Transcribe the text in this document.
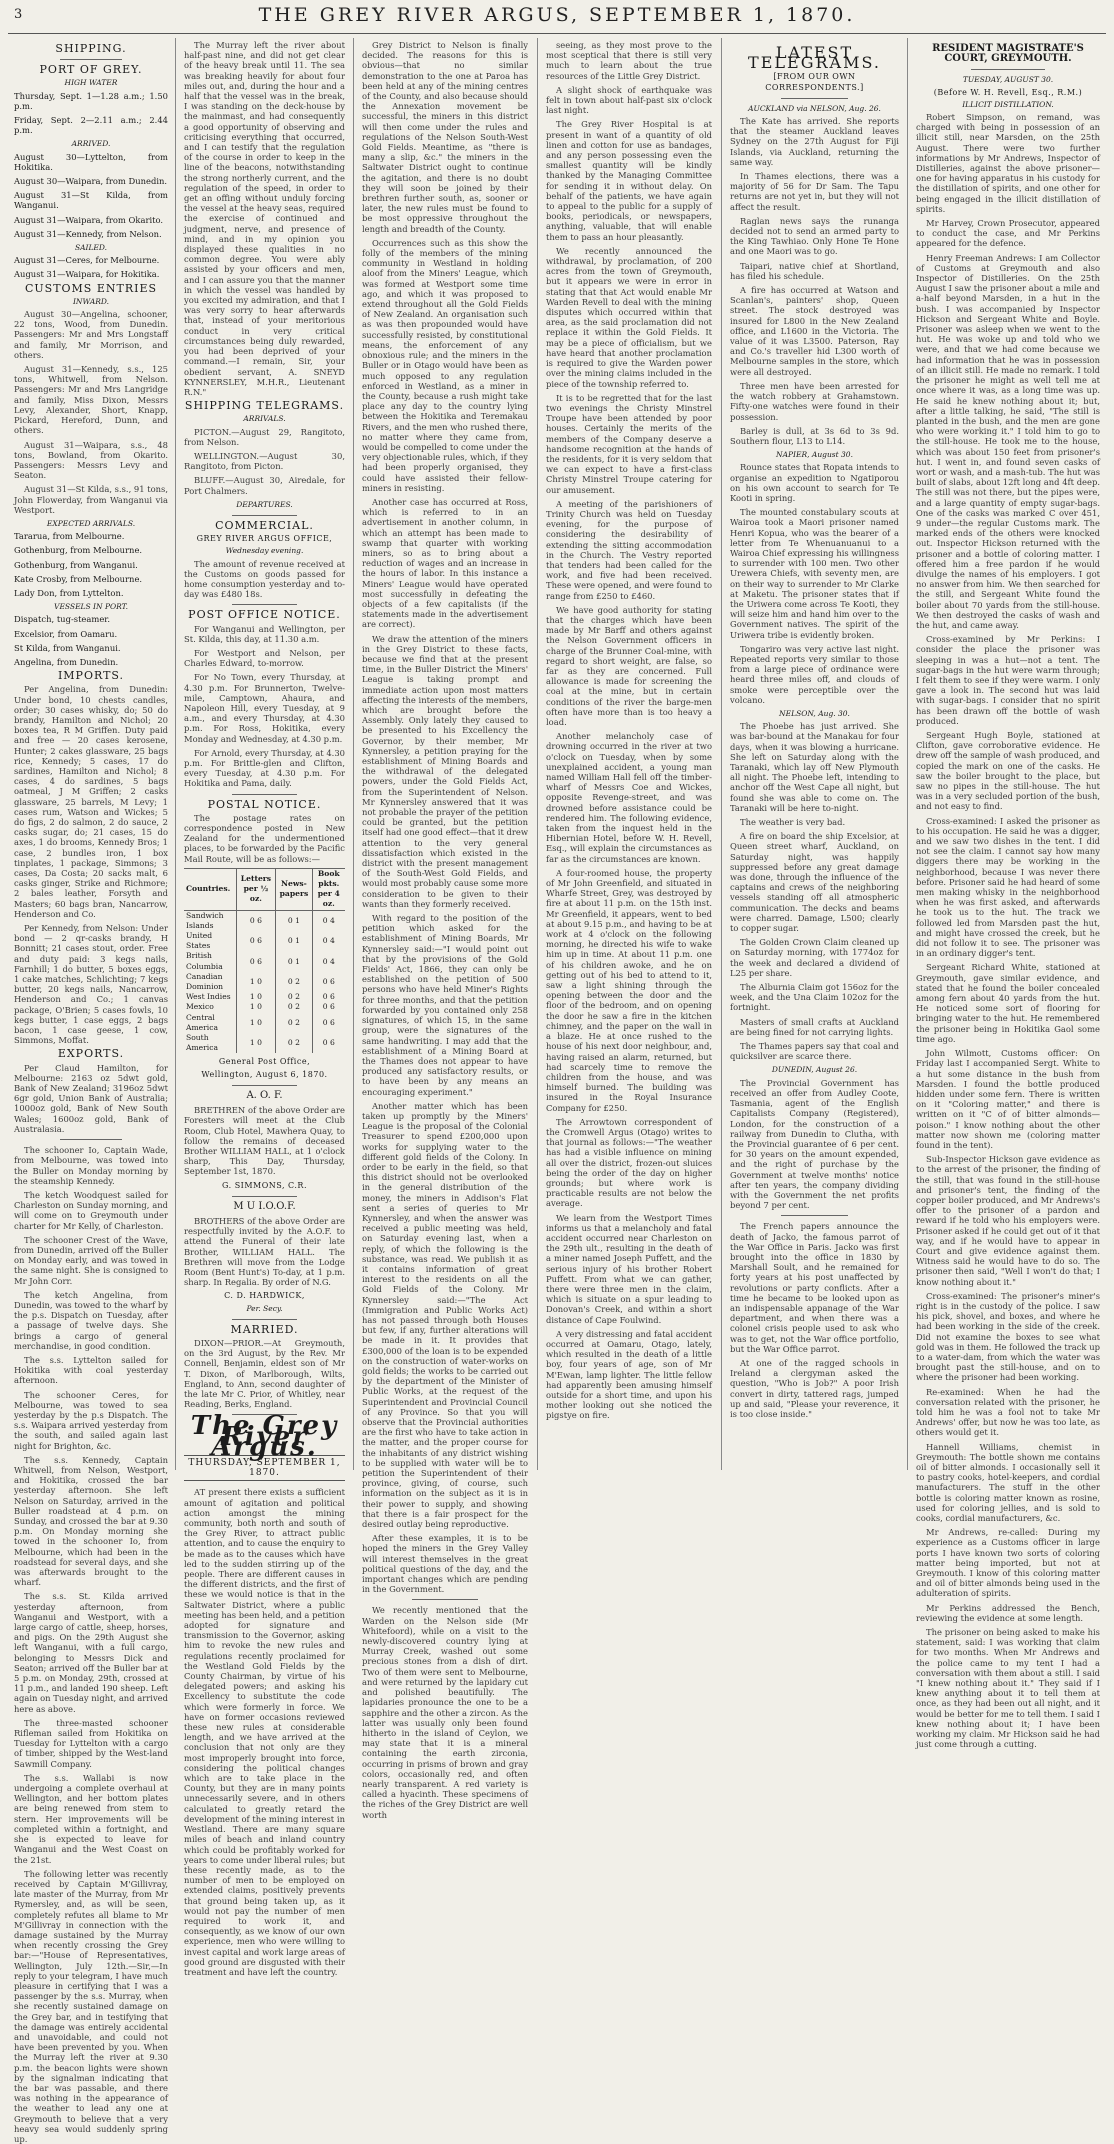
3	THE GREY RIVER ARGUS, SEPTEMBER 1, 1870.
SHIPPING.
PORT OF GREY.
HIGH WATER

Thursday, Sept. 1—1.28 a.m.; 1.50 p.m.

Friday, Sept. 2—2.11 a.m.; 2.44 p.m.

ARRIVED.

August 30—Lyttelton, from Hokitika.

August 30—Waipara, from Dunedin.

August 31—St Kilda, from Wanganui.

August 31—Waipara, from Okarito.

August 31—Kennedy, from Nelson.

SAILED.

August 31—Ceres, for Melbourne.

August 31—Waipara, for Hokitika.

CUSTOMS ENTRIES
INWARD.

August 30—Angelina, schooner, 22 tons, Wood, from Dunedin. Passengers: Mr and Mrs Longstaff and family, Mr Morrison, and others.

August 31—Kennedy, s.s., 125 tons, Whitwell, from Nelson. Passengers: Mr and Mrs Langridge and family, Miss Dixon, Messrs Levy, Alexander, Short, Knapp, Pickard, Hereford, Dunn, and others.

August 31—Waipara, s.s., 48 tons, Bowland, from Okarito. Passengers: Messrs Levy and Seaton.

August 31—St Kilda, s.s., 91 tons, John Flowerday, from Wanganui via Westport.

EXPECTED ARRIVALS.

Tararua, from Melbourne.

Gothenburg, from Melbourne.

Gothenburg, from Wanganui.

Kate Crosby, from Melbourne.

Lady Don, from Lyttelton.

VESSELS IN PORT.

Dispatch, tug-steamer.

Excelsior, from Oamaru.

St Kilda, from Wanganui.

Angelina, from Dunedin.

IMPORTS.

Per Angelina, from Dunedin: Under bond, 10 chests candles, order; 30 cases whisky, do; 50 do brandy, Hamilton and Nichol; 20 boxes tea, R M Griffen. Duty paid and free — 20 cases kerosene, Hunter; 2 cakes glassware, 25 bags rice, Kennedy; 5 cases, 17 do sardines, Hamilton and Nichol; 8 cases, 4 do sardines, 5 bags oatmeal, J M Griffen; 2 casks glassware, 25 barrels, M Levy; 1 cases rum, Watson and Wickes; 5 do figs, 2 do salmon, 2 do sauce, 2 casks sugar, do; 21 cases, 15 do axes, 1 do brooms, Kennedy Bros; 1 case, 2 bundles iron, 1 box tinplates, 1 package, Simmons; 3 cases, Da Costa; 20 sacks malt, 6 casks ginger, Strike and Richmore; 2 bales leather, Forsyth and Masters; 60 bags bran, Nancarrow, Henderson and Co.

Per Kennedy, from Nelson: Under bond — 2 qr-casks brandy, H Bonnitt; 21 cases stout, order. Free and duty paid: 3 kegs nails, Farnhill; 1 do butter, 5 boxes eggs, 1 cake matches, Schlichting; 7 kegs butter, 20 kegs nails, Nancarrow, Henderson and Co.; 1 canvas package, O'Brien; 5 cases fowls, 10 kegs butter, 1 case eggs, 2 bags bacon, 1 case geese, 1 cow, Simmons, Moffat.

EXPORTS.

Per Claud Hamilton, for Melbourne: 2163 oz 5dwt gold, Bank of New Zealand; 3196oz 5dwt 6gr gold, Union Bank of Australia; 1000oz gold, Bank of New South Wales; 1600oz gold, Bank of Australasia.

The schooner Io, Captain Wade, from Melbourne, was towed into the Buller on Monday morning by the steamship Kennedy.

The ketch Woodquest sailed for Charleston on Sunday morning, and will come on to Greymouth under charter for Mr Kelly, of Charleston.

The schooner Crest of the Wave, from Dunedin, arrived off the Buller on Monday early, and was towed in the same night. She is consigned to Mr John Corr.

The ketch Angelina, from Dunedin, was towed to the wharf by the p.s. Dispatch on Tuesday, after a passage of twelve days. She brings a cargo of general merchandise, in good condition.

The s.s. Lyttelton sailed for Hokitika with coal yesterday afternoon.

The schooner Ceres, for Melbourne, was towed to sea yesterday by the p.s Dispatch. The s.s. Waipara arrived yesterday from the south, and sailed again last night for Brighton, &c.

The s.s. Kennedy, Captain Whitwell, from Nelson, Westport, and Hokitika, crossed the bar yesterday afternoon. She left Nelson on Saturday, arrived in the Buller roadstead at 4 p.m. on Sunday, and crossed the bar at 9.30 p.m. On Monday morning she towed in the schooner Io, from Melbourne, which had been in the roadstead for several days, and she was afterwards brought to the wharf.

The s.s. St. Kilda arrived yesterday afternoon, from Wanganui and Westport, with a large cargo of cattle, sheep, horses, and pigs. On the 29th August she left Wanganui, with a full cargo, belonging to Messrs Dick and Seaton; arrived off the Buller bar at 5 p.m. on Monday, 29th, crossed at 11 p.m., and landed 190 sheep. Left again on Tuesday night, and arrived here as above.

The three-masted schooner Rifleman sailed from Hokitika on Tuesday for Lyttelton with a cargo of timber, shipped by the West-land Sawmill Company.

The s.s. Wallabi is now undergoing a complete overhaul at Wellington, and her bottom plates are being renewed from stem to stern. Her improvements will be completed within a fortnight, and she is expected to leave for Wanganui and the West Coast on the 21st.

The following letter was recently received by Captain M'Gillivray, late master of the Murray, from Mr Rymersley, and, as will be seen, completely refutes all blame to Mr M'Gillivray in connection with the damage sustained by the Murray when recently crossing the Grey bar:—"House of Representatives, Wellington, July 12th.—Sir,—In reply to your telegram, I have much pleasure in certifying that I was a passenger by the s.s. Murray, when she recently sustained damage on the Grey bar, and in testifying that the damage was entirely accidental and unavoidable, and could not have been prevented by you. When the Murray left the river at 9.30 p.m. the beacon lights were shown by the signalman indicating that the bar was passable, and there was nothing in the appearance of the weather to lead any one at Greymouth to believe that a very heavy sea would suddenly spring up.

The Murray left the river about half-past nine, and did not get clear of the heavy break until 11. The sea was breaking heavily for about four miles out, and, during the hour and a half that the vessel was in the break, I was standing on the deck-house by the mainmast, and had consequently a good opportunity of observing and criticising everything that occurred, and I can testify that the regulation of the course in order to keep in the line of the beacons, notwithstanding the strong northerly current, and the regulation of the speed, in order to get an offing without unduly forcing the vessel at the heavy seas, required the exercise of continued and judgment, nerve, and presence of mind, and in my opinion you displayed these qualities in no common degree. You were ably assisted by your officers and men, and I can assure you that the manner in which the vessel was handled by you excited my admiration, and that I was very sorry to hear afterwards that, instead of your meritorious conduct in very critical circumstances being duly rewarded, you had been deprived of your command.—I remain, Sir, your obedient servant, A. SNEYD KYNNERSLEY, M.H.R., Lieutenant R.N."

SHIPPING TELEGRAMS.
ARRIVALS.

PICTON.—August 29, Rangitoto, from Nelson.

WELLINGTON.—August 30, Rangitoto, from Picton.

BLUFF.—August 30, Airedale, for Port Chalmers.

DEPARTURES.
COMMERCIAL.
GREY RIVER ARGUS OFFICE,
Wednesday evening.

The amount of revenue received at the Customs on goods passed for home consumption yesterday and to-day was £480 18s.

POST OFFICE NOTICE.

For Wanganui and Wellington, per St. Kilda, this day, at 11.30 a.m.

For Westport and Nelson, per Charles Edward, to-morrow.

For No Town, every Thursday, at 4.30 p.m. For Brunnerton, Twelve-mile, Camptown, Ahaura, and Napoleon Hill, every Tuesday, at 9 a.m., and every Thursday, at 4.30 p.m. For Ross, Hokitika, every Monday and Wednesday, at 4.30 p.m.

For Arnold, every Thursday, at 4.30 p.m. For Brittle-glen and Clifton, every Tuesday, at 4.30 p.m. For Hokitika and Pama, daily.

POSTAL NOTICE.

The postage rates on correspondence posted in New Zealand for the undermentioned places, to be forwarded by the Pacific Mail Route, will be as follows:—

Countries.	Letters per ½ oz.	News-papers	Book pkts. per 4 oz.
Sandwich Islands	0 6	0 1	0 4
United States	0 6	0 1	0 4
British Columbia	0 6	0 1	0 4
Canadian Dominion	1 0	0 2	0 6
West Indies	1 0	0 2	0 6
Mexico	1 0	0 2	0 6
Central America	1 0	0 2	0 6
South America	1 0	0 2	0 6
General Post Office,
Wellington, August 6, 1870.
A. O. F.

BRETHREN of the above Order are Foresters will meet at the Club Room, Club Hotel, Mawhera Quay, to follow the remains of deceased Brother WILLIAM HALL, at 1 o'clock sharp, This Day, Thursday, September 1st, 1870.

G. SIMMONS, C.R.
M U I.O.O.F.

BROTHERS of the above Order are respectfully invited by the A.O.F. to attend the Funeral of their late Brother, WILLIAM HALL. The Brethren will move from the Lodge Room (Bent Hunt's) To-day, at 1 p.m. sharp. In Regalia. By order of N.G.

C. D. HARDWICK,
Per. Secy.
MARRIED.

DIXON—PRIOR.—At Greymouth, on the 3rd August, by the Rev. Mr Connell, Benjamin, eldest son of Mr T. Dixon, of Marlborough, Wilts, England, to Ann, second daughter of the late Mr C. Prior, of Whitley, near Reading, Berks, England.

The Grey River Argus.
THURSDAY, SEPTEMBER 1, 1870.

AT present there exists a sufficient amount of agitation and political action amongst the mining community, both north and south of the Grey River, to attract public attention, and to cause the enquiry to be made as to the causes which have led to the sudden stirring up of the people. There are different causes in the different districts, and the first of these we would notice is that in the Saltwater District, where a public meeting has been held, and a petition adopted for signature and transmission to the Governor, asking him to revoke the new rules and regulations recently proclaimed for the Westland Gold Fields by the County Chairman, by virtue of his delegated powers; and asking his Excellency to substitute the code which were formerly in force. We have on former occasions reviewed these new rules at considerable length, and we have arrived at the conclusion that not only are they most improperly brought into force, considering the political changes which are to take place in the County, but they are in many points unnecessarily severe, and in others calculated to greatly retard the development of the mining interest in Westland. There are many square miles of beach and inland country which could be profitably worked for years to come under liberal rules; but these recently made, as to the number of men to be employed on extended claims, positively prevents that ground being taken up, as it would not pay the number of men required to work it, and consequently, as we know of our own experience, men who were willing to invest capital and work large areas of good ground are disgusted with their treatment and have left the country.

Grey District to Nelson is finally decided. The reasons for this is obvious—that no similar demonstration to the one at Paroa has been held at any of the mining centres of the County, and also because should the Annexation movement be successful, the miners in this district will then come under the rules and regulations of the Nelson South-West Gold Fields. Meantime, as "there is many a slip, &c." the miners in the Saltwater District ought to continue the agitation, and there is no doubt they will soon be joined by their brethren further south, as, sooner or later, the new rules must be found to be most oppressive throughout the length and breadth of the County.

Occurrences such as this show the folly of the members of the mining community in Westland in holding aloof from the Miners' League, which was formed at Westport some time ago, and which it was proposed to extend throughout all the Gold Fields of New Zealand. An organisation such as was then propounded would have successfully resisted, by constitutional means, the enforcement of any obnoxious rule; and the miners in the Buller or in Otago would have been as much opposed to any regulation enforced in Westland, as a miner in the County, because a rush might take place any day to the country lying between the Hokitika and Teremakau Rivers, and the men who rushed there, no matter where they came from, would be compelled to come under the very objectionable rules, which, if they had been properly organised, they could have assisted their fellow-miners in resisting.

Another case has occurred at Ross, which is referred to in an advertisement in another column, in which an attempt has been made to swamp that quarter with working miners, so as to bring about a reduction of wages and an increase in the hours of labor. In this instance a Miners' League would have operated most successfully in defeating the objects of a few capitalists (if the statements made in the advertisement are correct).

We draw the attention of the miners in the Grey District to these facts, because we find that at the present time, in the Buller District the Miners' League is taking prompt and immediate action upon most matters affecting the interests of the members, which are brought before the Assembly. Only lately they caused to be presented to his Excellency the Governor, by their member, Mr Kynnersley, a petition praying for the establishment of Mining Boards and the withdrawal of the delegated powers, under the Gold Fields Act, from the Superintendent of Nelson. Mr Kynnersley answered that it was not probable the prayer of the petition could be granted, but the petition itself had one good effect—that it drew attention to the very general dissatisfaction which existed in the district with the present management of the South-West Gold Fields, and would most probably cause some more consideration to be given to their wants than they formerly received.

With regard to the position of the petition which asked for the establishment of Mining Boards, Mr Kynnersley said:—"I would point out that by the provisions of the Gold Fields' Act, 1866, they can only be established on the petition of 500 persons who have held Miner's Rights for three months, and that the petition forwarded by you contained only 258 signatures, of which 15, in the same group, were the signatures of the same handwriting. I may add that the establishment of a Mining Board at the Thames does not appear to have produced any satisfactory results, or to have been by any means an encouraging experiment."

Another matter which has been taken up promptly by the Miners' League is the proposal of the Colonial Treasurer to spend £200,000 upon works for supplying water to the different gold fields of the Colony. In order to be early in the field, so that this district should not be overlooked in the general distribution of the money, the miners in Addison's Flat sent a series of queries to Mr Kynnersley, and when the answer was received a public meeting was held, on Saturday evening last, when a reply, of which the following is the substance, was read. We publish it as it contains information of great interest to the residents on all the Gold Fields of the Colony. Mr Kynnersley said:—"The Act (Immigration and Public Works Act) has not passed through both Houses but few, if any, further alterations will be made in it. It provides that £300,000 of the loan is to be expended on the construction of water-works on gold fields; the works to be carried out by the department of the Minister of Public Works, at the request of the Superintendent and Provincial Council of any Province. So that you will observe that the Provincial authorities are the first who have to take action in the matter, and the proper course for the inhabitants of any district wishing to be supplied with water will be to petition the Superintendent of their province, giving, of course, such information on the subject as it is in their power to supply, and showing that there is a fair prospect for the desired outlay being reproductive.

After these examples, it is to be hoped the miners in the Grey Valley will interest themselves in the great political questions of the day, and the important changes which are pending in the Government.

We recently mentioned that the Warden on the Nelson side (Mr Whitefoord), while on a visit to the newly-discovered country lying at Murray Creek, washed out some precious stones from a dish of dirt. Two of them were sent to Melbourne, and were returned by the lapidary cut and polished beautifully. The lapidaries pronounce the one to be a sapphire and the other a zircon. As the latter was usually only been found hitherto in the island of Ceylon, we may state that it is a mineral containing the earth zirconia, occurring in prisms of brown and gray colors, occasionally red, and often nearly transparent. A red variety is called a hyacinth. These specimens of the riches of the Grey District are well worth

seeing, as they most prove to the most sceptical that there is still very much to learn about the true resources of the Little Grey District.

A slight shock of earthquake was felt in town about half-past six o'clock last night.

The Grey River Hospital is at present in want of a quantity of old linen and cotton for use as bandages, and any person possessing even the smallest quantity will be kindly thanked by the Managing Committee for sending it in without delay. On behalf of the patients, we have again to appeal to the public for a supply of books, periodicals, or newspapers, anything, valuable, that will enable them to pass an hour pleasantly.

We recently announced the withdrawal, by proclamation, of 200 acres from the town of Greymouth, but it appears we were in error in stating that that Act would enable Mr Warden Revell to deal with the mining disputes which occurred within that area, as the said proclamation did not replace it within the Gold Fields. It may be a piece of officialism, but we have heard that another proclamation is required to give the Warden power over the mining claims included in the piece of the township referred to.

It is to be regretted that for the last two evenings the Christy Minstrel Troupe have been attended by poor houses. Certainly the merits of the members of the Company deserve a handsome recognition at the hands of the residents, for it is very seldom that we can expect to have a first-class Christy Minstrel Troupe catering for our amusement.

A meeting of the parishioners of Trinity Church was held on Tuesday evening, for the purpose of considering the desirability of extending the sitting accommodation in the Church. The Vestry reported that tenders had been called for the work, and five had been received. These were opened, and were found to range from £250 to £460.

We have good authority for stating that the charges which have been made by Mr Barff and others against the Nelson Government officers in charge of the Brunner Coal-mine, with regard to short weight, are false, so far as they are concerned. Full allowance is made for screening the coal at the mine, but in certain conditions of the river the barge-men often have more than is too heavy a load.

Another melancholy case of drowning occurred in the river at two o'clock on Tuesday, when by some unexplained accident, a young man named William Hall fell off the timber-wharf of Messrs Coe and Wickes, opposite Revenge-street, and was drowned before assistance could be rendered him. The following evidence, taken from the inquest held in the Hibernian Hotel, before W. H. Revell, Esq., will explain the circumstances as far as the circumstances are known.

A four-roomed house, the property of Mr John Greenfield, and situated in Wharfe Street, Grey, was destroyed by fire at about 11 p.m. on the 15th inst. Mr Greenfield, it appears, went to bed at about 9.15 p.m., and having to be at work at 4 o'clock on the following morning, he directed his wife to wake him up in time. At about 11 p.m. one of his children awoke, and he on getting out of his bed to attend to it, saw a light shining through the opening between the door and the floor of the bedroom, and on opening the door he saw a fire in the kitchen chimney, and the paper on the wall in a blaze. He at once rushed to the house of his next door neighbour, and, having raised an alarm, returned, but had scarcely time to remove the children from the house, and was himself burned. The building was insured in the Royal Insurance Company for £250.

The Arrowtown correspondent of the Cromwell Argus (Otago) writes to that journal as follows:—"The weather has had a visible influence on mining all over the district, frozen-out sluices being the order of the day on higher grounds; but where work is practicable results are not below the average.

We learn from the Westport Times informs us that a melancholy and fatal accident occurred near Charleston on the 29th ult., resulting in the death of a miner named Joseph Puffett, and the serious injury of his brother Robert Puffett. From what we can gather, there were three men in the claim, which is situate on a spur leading to Donovan's Creek, and within a short distance of Cape Foulwind.

A very distressing and fatal accident occurred at Oamaru, Otago, lately, which resulted in the death of a little boy, four years of age, son of Mr M'Ewan, lamp lighter. The little fellow had apparently been amusing himself outside for a short time, and upon his mother looking out she noticed the pigstye on fire.

LATEST TELEGRAMS.
[FROM OUR OWN CORRESPONDENTS.]
AUCKLAND via NELSON, Aug. 26.

The Kate has arrived. She reports that the steamer Auckland leaves Sydney on the 27th August for Fiji Islands, via Auckland, returning the same way.

In Thames elections, there was a majority of 56 for Dr Sam. The Tapu returns are not yet in, but they will not affect the result.

Raglan news says the runanga decided not to send an armed party to the King Tawhiao. Only Hone Te Hone and one Maori was to go.

Taipari, native chief at Shortland, has filed his schedule.

A fire has occurred at Watson and Scanlan's, painters' shop, Queen street. The stock destroyed was insured for L800 in the New Zealand office, and L1600 in the Victoria. The value of it was L3500. Paterson, Ray and Co.'s traveller hid L300 worth of Melbourne samples in the store, which were all destroyed.

Three men have been arrested for the watch robbery at Grahamstown. Fifty-one watches were found in their possession.

Barley is dull, at 3s 6d to 3s 9d. Southern flour, L13 to L14.

NAPIER, August 30.

Rounce states that Ropata intends to organise an expedition to Ngatiporou on his own account to search for Te Kooti in spring.

The mounted constabulary scouts at Wairoa took a Maori prisoner named Henri Kopua, who was the bearer of a letter from Te Whenuanuanui to a Wairoa Chief expressing his willingness to surrender with 100 men. Two other Urewera Chiefs, with seventy men, are on their way to surrender to Mr Clarke at Maketu. The prisoner states that if the Uriwera come across Te Kooti, they will seize him and hand him over to the Government natives. The spirit of the Uriwera tribe is evidently broken.

Tongariro was very active last night. Repeated reports very similar to those from a large piece of ordinance were heard three miles off, and clouds of smoke were perceptible over the volcano.

NELSON, Aug. 30.

The Phoebe has just arrived. She was bar-bound at the Manakau for four days, when it was blowing a hurricane. She left on Saturday along with the Taranaki, which lay off New Plymouth all night. The Phoebe left, intending to anchor off the West Cape all night, but found she was able to come on. The Taranaki will be here to-night.

The weather is very bad.

A fire on board the ship Excelsior, at Queen street wharf, Auckland, on Saturday night, was happily suppressed before any great damage was done, through the influence of the captains and crews of the neighboring vessels standing off all atmospheric communication. The decks and beams were charred. Damage, L500; clearly to copper sugar.

The Golden Crown Claim cleaned up on Saturday morning, with 1774oz for the week and declared a dividend of L25 per share.

The Alburnia Claim got 156oz for the week, and the Una Claim 102oz for the fortnight.

Masters of small crafts at Auckland are being fined for not carrying lights.

The Thames papers say that coal and quicksilver are scarce there.

DUNEDIN, August 26.

The Provincial Government has received an offer from Audley Coote, Tasmania, agent of the English Capitalists Company (Registered), London, for the construction of a railway from Dunedin to Clutha, with the Provincial guarantee of 6 per cent. for 30 years on the amount expended, and the right of purchase by the Government at twelve months' notice after ten years, the company dividing with the Government the net profits beyond 7 per cent.

The French papers announce the death of Jacko, the famous parrot of the War Office in Paris. Jacko was first brought into the office in 1830 by Marshall Soult, and he remained for forty years at his post unaffected by revolutions or party conflicts. After a time he became to be looked upon as an indispensable appanage of the War department, and when there was a colonel crisis people used to ask who was to get, not the War office portfolio, but the War Office parrot.

At one of the ragged schools in Ireland a clergyman asked the question, "Who is Job?" A poor Irish convert in dirty, tattered rags, jumped up and said, "Please your reverence, it is too close inside."

RESIDENT MAGISTRATE'S COURT, GREYMOUTH.
TUESDAY, AUGUST 30.
(Before W. H. Revell, Esq., R.M.)
ILLICIT DISTILLATION.

Robert Simpson, on remand, was charged with being in possession of an illicit still, near Marsden, on the 25th August. There were two further informations by Mr Andrews, Inspector of Distilleries, against the above prisoner—one for having apparatus in his custody for the distillation of spirits, and one other for being engaged in the illicit distillation of spirits.

Mr Harvey, Crown Prosecutor, appeared to conduct the case, and Mr Perkins appeared for the defence.

Henry Freeman Andrews: I am Collector of Customs at Greymouth and also Inspector of Distilleries. On the 25th August I saw the prisoner about a mile and a-half beyond Marsden, in a hut in the bush. I was accompanied by Inspector Hickson and Sergeant White and Boyle. Prisoner was asleep when we went to the hut. He was woke up and told who we were, and that we had come because we had information that he was in possession of an illicit still. He made no remark. I told the prisoner he might as well tell me at once where it was, as a long time was up. He said he knew nothing about it; but, after a little talking, he said, "The still is planted in the bush, and the men are gone who were working it." I told him to go to the still-house. He took me to the house, which was about 150 feet from prisoner's hut. I went in, and found seven casks of wort or wash, and a mash-tub. The hut was built of slabs, about 12ft long and 4ft deep. The still was not there, but the pipes were, and a large quantity of empty sugar-bags. One of the casks was marked C over 451, 9 under—the regular Customs mark. The marked ends of the others were knocked out. Inspector Hickson returned with the prisoner and a bottle of coloring matter. I offered him a free pardon if he would divulge the names of his employers. I got no answer from him. We then searched for the still, and Sergeant White found the boiler about 70 yards from the still-house. We then destroyed the casks of wash and the hut, and came away.

Cross-examined by Mr Perkins: I consider the place the prisoner was sleeping in was a hut—not a tent. The sugar-bags in the hut were warm through; I felt them to see if they were warm. I only gave a look in. The second hut was laid with sugar-bags. I consider that no spirit has been drawn off the bottle of wash produced.

Sergeant Hugh Boyle, stationed at Clifton, gave corroborative evidence. He drew off the sample of wash produced, and copied the mark on one of the casks. He saw the boiler brought to the place, but saw no pipes in the still-house. The hut was in a very secluded portion of the bush, and not easy to find.

Cross-examined: I asked the prisoner as to his occupation. He said he was a digger, and we saw two dishes in the tent. I did not see the claim. I cannot say how many diggers there may be working in the neighborhood, because I was never there before. Prisoner said he had heard of some men making whisky in the neighborhood when he was first asked, and afterwards he took us to the hut. The track we followed led from Marsden past the hut, and might have crossed the creek, but he did not follow it to see. The prisoner was in an ordinary digger's tent.

Sergeant Richard White, stationed at Greymouth, gave similar evidence, and stated that he found the boiler concealed among fern about 40 yards from the hut. He noticed some sort of flooring for bringing water to the hut. He remembered the prisoner being in Hokitika Gaol some time ago.

John Wilmott, Customs officer: On Friday last I accompanied Sergt. White to a hut some distance in the bush from Marsden. I found the bottle produced hidden under some fern. There is written on it "Coloring matter," and there is written on it "C of of bitter almonds—poison." I know nothing about the other matter now shown me (coloring matter found in the tent).

Sub-Inspector Hickson gave evidence as to the arrest of the prisoner, the finding of the still, that was found in the still-house and prisoner's tent, the finding of the copper boiler produced, and Mr Andrews's offer to the prisoner of a pardon and reward if he told who his employers were. Prisoner asked if he could get out of it that way, and if he would have to appear in Court and give evidence against them. Witness said he would have to do so. The prisoner then said, "Well I won't do that; I know nothing about it."

Cross-examined: The prisoner's miner's right is in the custody of the police. I saw his pick, shovel, and boxes, and where he had been working in the side of the creek. Did not examine the boxes to see what gold was in them. He followed the track up to a water-dam, from which the water was brought past the still-house, and on to where the prisoner had been working.

Re-examined: When he had the conversation related with the prisoner, he told him he was a fool not to take Mr Andrews' offer, but now he was too late, as others would get it.

Hannell Williams, chemist in Greymouth: The bottle shown me contains oil of bitter almonds. I occasionally sell it to pastry cooks, hotel-keepers, and cordial manufacturers. The stuff in the other bottle is coloring matter known as rosine, used for coloring jellies, and is sold to cooks, cordial manufacturers, &c.

Mr Andrews, re-called: During my experience as a Customs officer in large ports I have known two sorts of coloring matter being imported, but not at Greymouth. I know of this coloring matter and oil of bitter almonds being used in the adulteration of spirits.

Mr Perkins addressed the Bench, reviewing the evidence at some length.

The prisoner on being asked to make his statement, said: I was working that claim for two months. When Mr Andrews and the police came to my tent I had a conversation with them about a still. I said "I knew nothing about it." They said if I knew anything about it to tell them at once, as they had been out all night, and it would be better for me to tell them. I said I knew nothing about it; I have been working my claim. Mr Hickson said he had just come through a cutting.
